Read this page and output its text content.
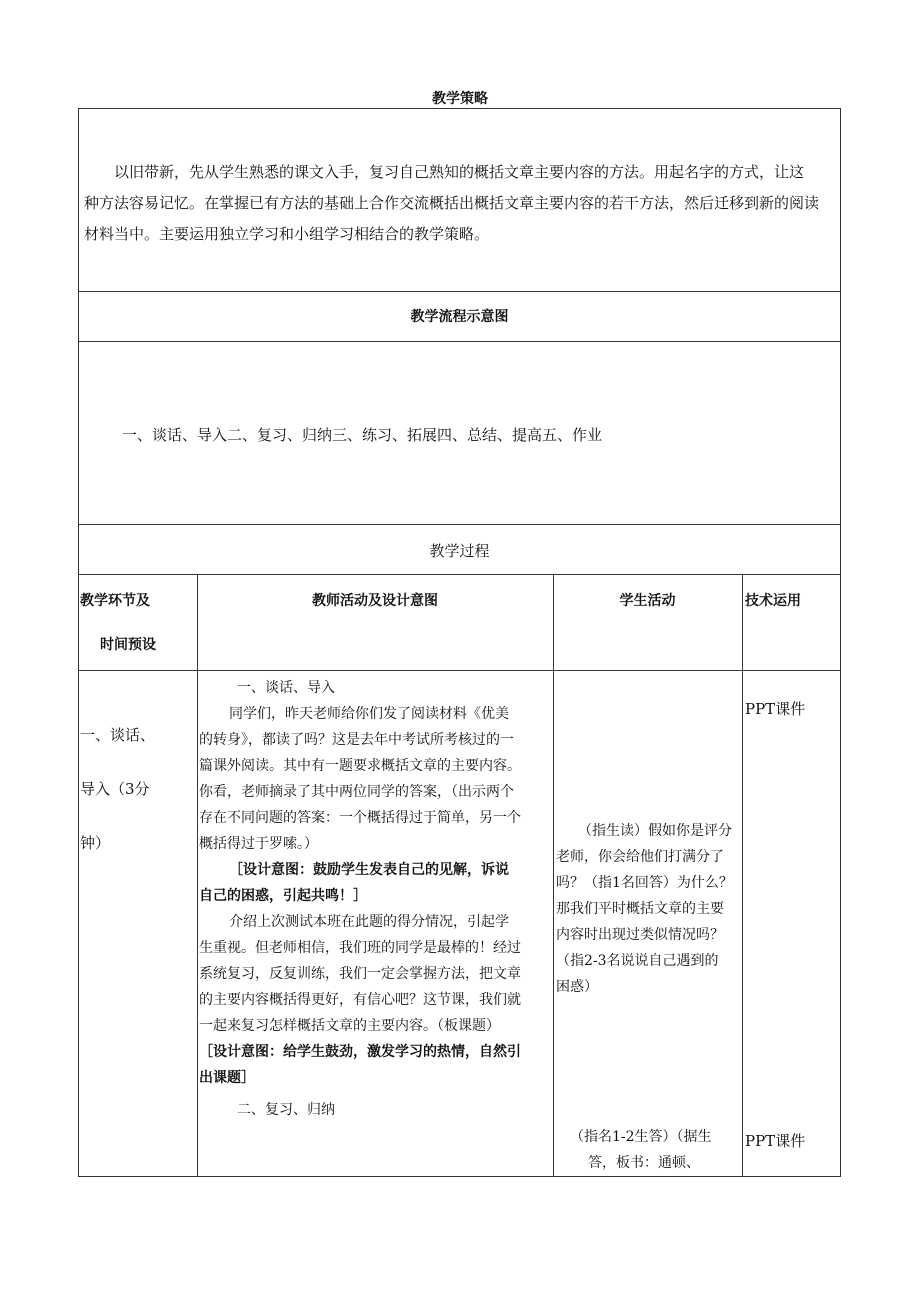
教学策略
以旧带新，先从学生熟悉的课文入手，复习自己熟知的概括文章主要内容的方法。用起名字的方式，让这
种方法容易记忆。在掌握已有方法的基础上合作交流概括出概括文章主要内容的若干方法，然后迁移到新的阅读
材料当中。主要运用独立学习和小组学习相结合的教学策略。
教学流程示意图
一、谈话、导入二、复习、归纳三、练习、拓展四、总结、提高五、作业
教学过程
教学环节及
时间预设
教师活动及设计意图	学生活动	技术运用
一、谈话、
导入（3分
钟）
一、谈话、导入
同学们，昨天老师给你们发了阅读材料《优美
的转身》，都读了吗？这是去年中考试所考核过的一
篇课外阅读。其中有一题要求概括文章的主要内容。
你看，老师摘录了其中两位同学的答案，（出示两个
存在不同问题的答案：一个概括得过于简单，另一个
概括得过于罗嗦。）
［设计意图：鼓励学生发表自己的见解，诉说
自己的困惑，引起共鸣！］
介绍上次测试本班在此题的得分情况，引起学
生重视。但老师相信，我们班的同学是最棒的！经过
系统复习，反复训练，我们一定会掌握方法，把文章
的主要内容概括得更好，有信心吧？这节课，我们就
一起来复习怎样概括文章的主要内容。（板课题）
［设计意图：给学生鼓劲，激发学习的热情，自然引
出课题］
二、复习、归纳
（指生读）假如你是评分
老师，你会给他们打满分了
吗？（指1名回答）为什么？
那我们平时概括文章的主要
内容时出现过类似情况吗？
（指2-3名说说自己遇到的
困惑）
（指名1-2生答）（据生
答，板书：通顿、
PPT课件
PPT课件
